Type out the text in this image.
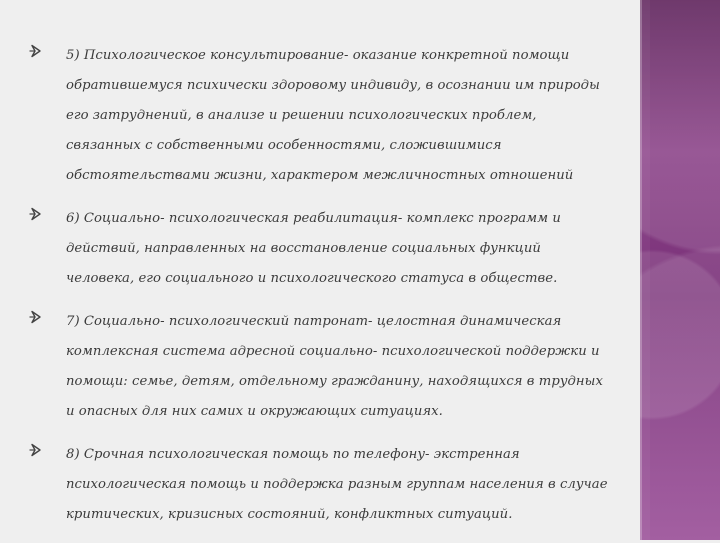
5) Психологическое консультирование- оказание конкретной помощи обратившемуся психически здоровому индивиду, в осознании им природы его затруднений, в анализе и решении психологических проблем, связанных с собственными особенностями, сложившимися обстоятельствами жизни, характером межличностных отношений
6) Социально- психологическая реабилитация- комплекс программ и действий, направленных на восстановление социальных функций человека, его социального и психологического статуса в обществе.
7) Социально- психологический патронат- целостная динамическая комплексная система адресной социально- психологической поддержки и помощи: семье, детям, отдельному гражданину, находящихся в трудных и опасных для них самих и окружающих ситуациях.
8) Срочная психологическая помощь по телефону- экстренная психологическая помощь и поддержка разным группам населения в случае критических, кризисных состояний, конфликтных ситуаций.
